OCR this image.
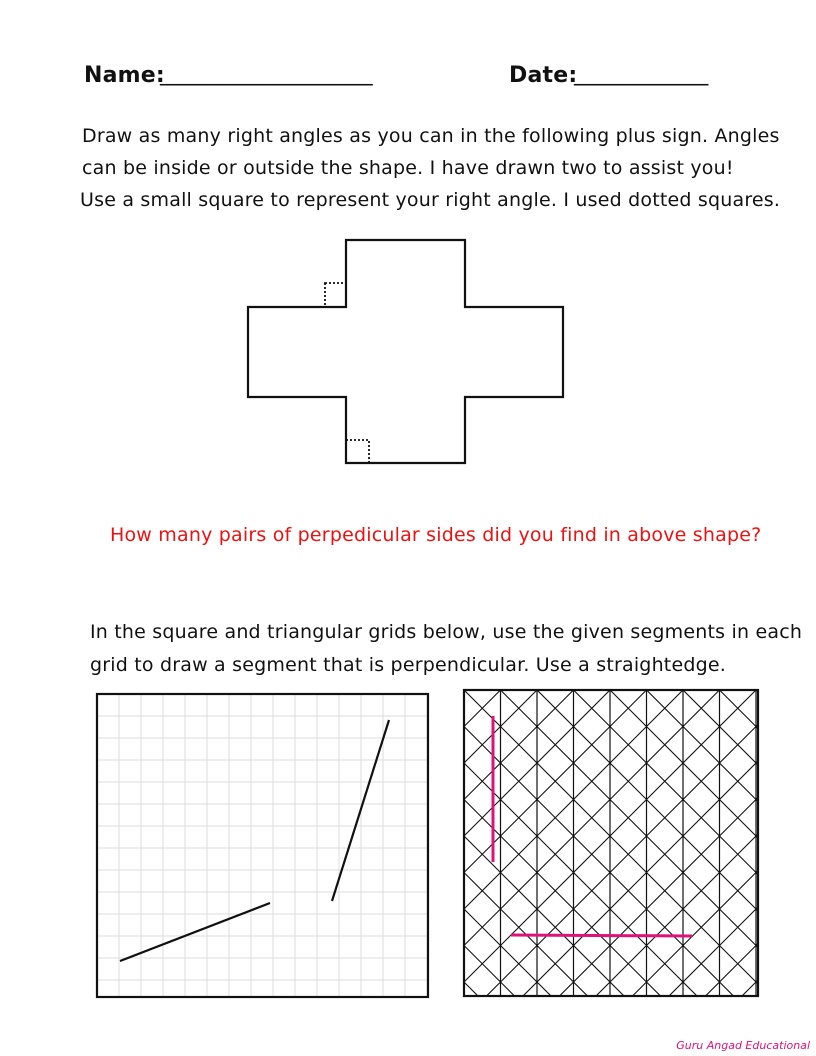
Name:
___________________	Date:
____________
Draw as many right angles as you can in the following plus sign. Angles
can be inside or outside the shape. I have drawn two to assist you!
Use a small square to represent your right angle. I used dotted squares.
How many pairs of perpedicular sides did you find in above shape?
In the square and triangular grids below, use the given segments in each
grid to draw a segment that is perpendicular. Use a straightedge.
Guru Angad Educational
